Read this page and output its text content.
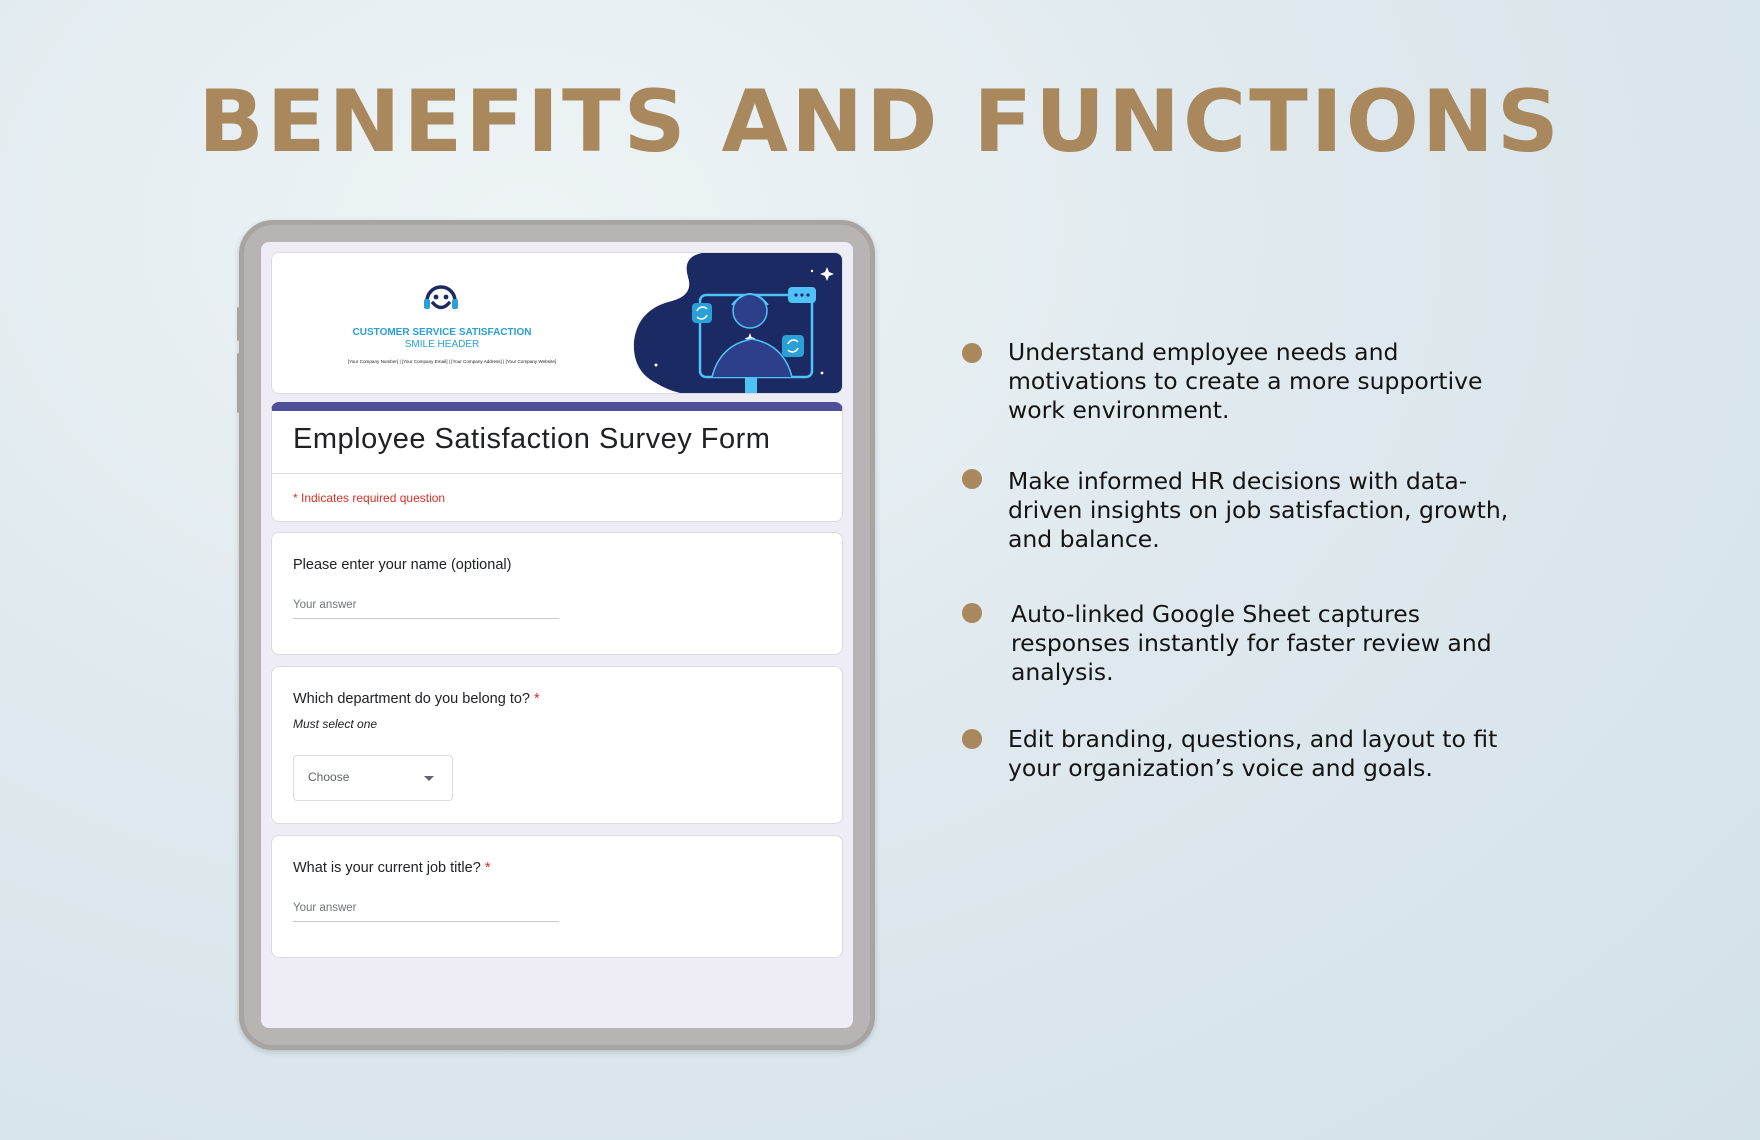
BENEFITS AND FUNCTIONS
CUSTOMER SERVICE SATISFACTION
SMILE HEADER
[Your Company Number] | [Your Company Email] | [Your Company Address] | [Your Company Website]
Employee Satisfaction Survey Form
* Indicates required question
Please enter your name (optional)
Your answer
Which department do you belong to? *
Must select one
Choose
What is your current job title? *
Your answer
Understand employee needs and motivations to create a more supportive work environment.
Make informed HR decisions with data-driven insights on job satisfaction, growth, and balance.
Auto-linked Google Sheet captures responses instantly for faster review and analysis.
Edit branding, questions, and layout to fit your organization’s voice and goals.
